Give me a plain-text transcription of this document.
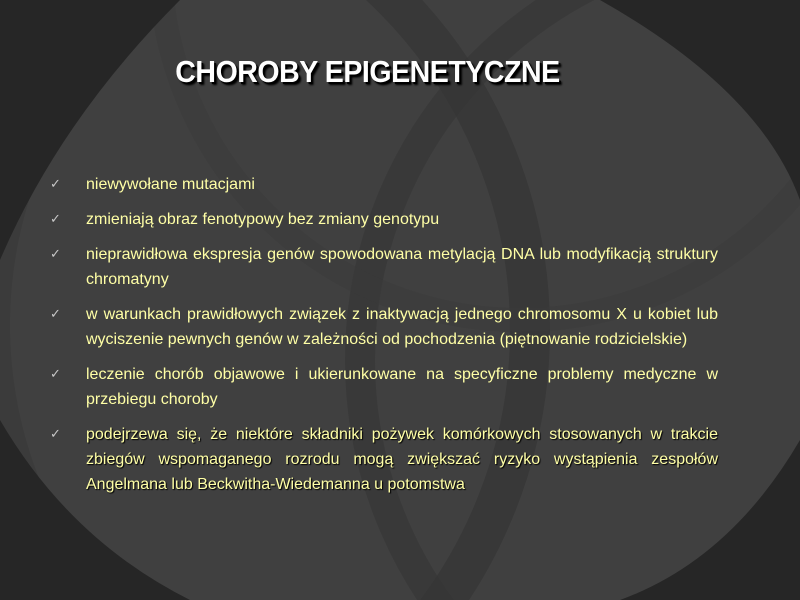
CHOROBY EPIGENETYCZNE
✓ niewywołane mutacjami
✓ zmieniają obraz fenotypowy bez zmiany genotypu
✓ nieprawidłowa ekspresja genów spowodowana metylacją DNA lub modyfikacją struktury chromatyny
✓ w warunkach prawidłowych związek z inaktywacją jednego chromosomu X u kobiet lub wyciszenie pewnych genów w zależności od pochodzenia (piętnowanie rodzicielskie)
✓ leczenie chorób objawowe i ukierunkowane na specyficzne problemy medyczne w przebiegu choroby
✓ podejrzewa się, że niektóre składniki pożywek komórkowych stosowanych w trakcie zbiegów wspomaganego rozrodu mogą zwiększać ryzyko wystąpienia zespołów Angelmana lub Beckwitha-Wiedemanna u potomstwa
